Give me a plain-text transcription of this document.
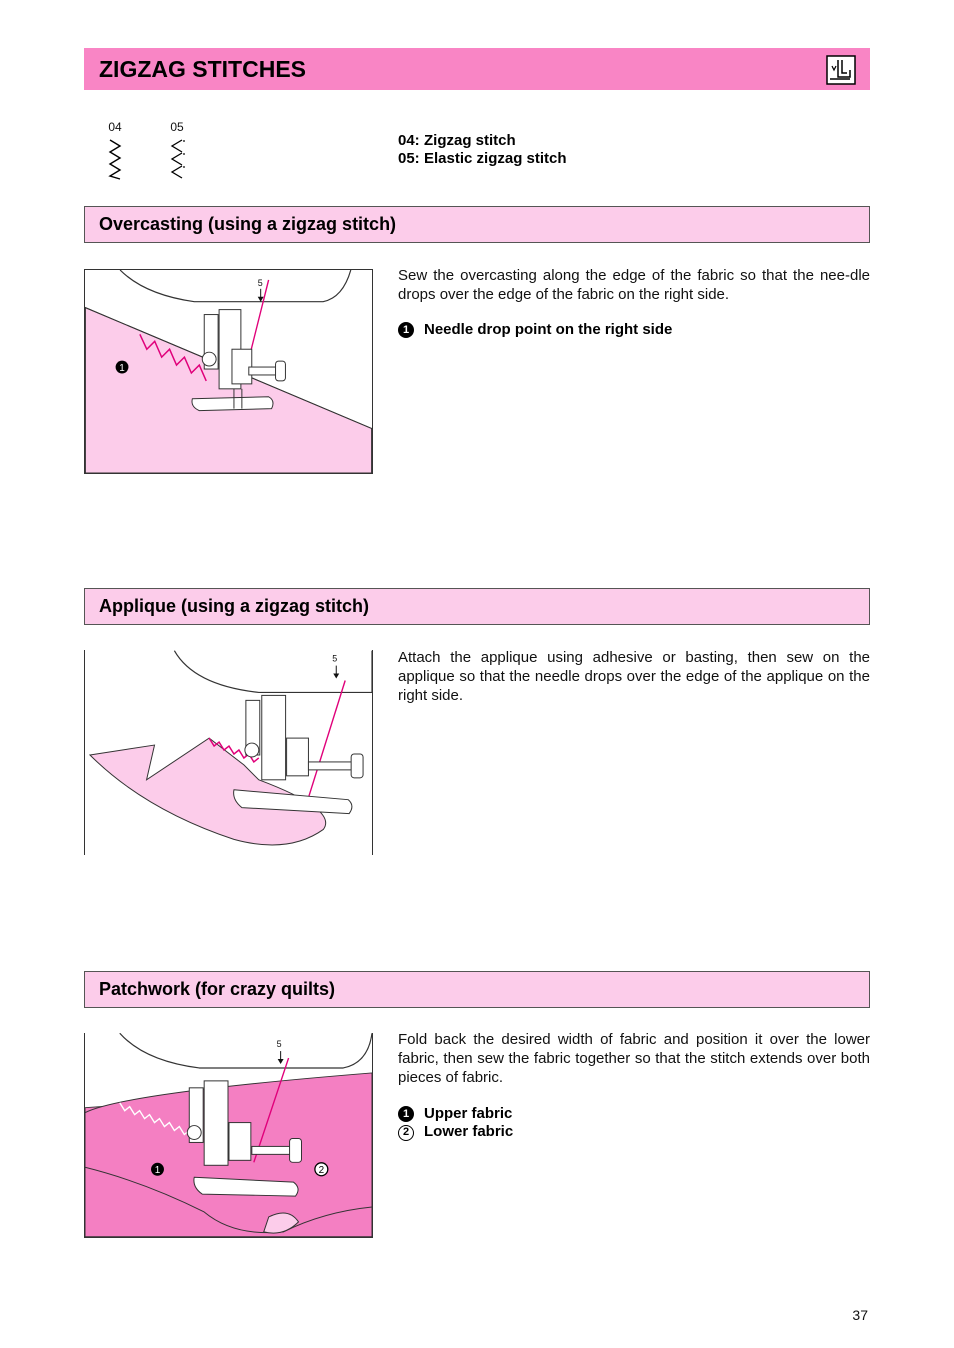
ZIGZAG STITCHES
04	05
04: Zigzag stitch
05: Elastic zigzag stitch
Overcasting (using a zigzag stitch)
5
1
Sew the overcasting along the edge of the fabric so that the nee-dle drops over the edge of the fabric on the right side.
1 Needle drop point on the right side
Applique (using a zigzag stitch)
5	Attach the applique using adhesive or basting, then sew on the applique so that the needle drops over the edge of the applique on the right side.
Patchwork (for crazy quilts)
5
1	2
Fold back the desired width of fabric and position it over the lower fabric, then sew the fabric together so that the stitch extends over both pieces of fabric.
1 Upper fabric
2 Lower fabric
37
